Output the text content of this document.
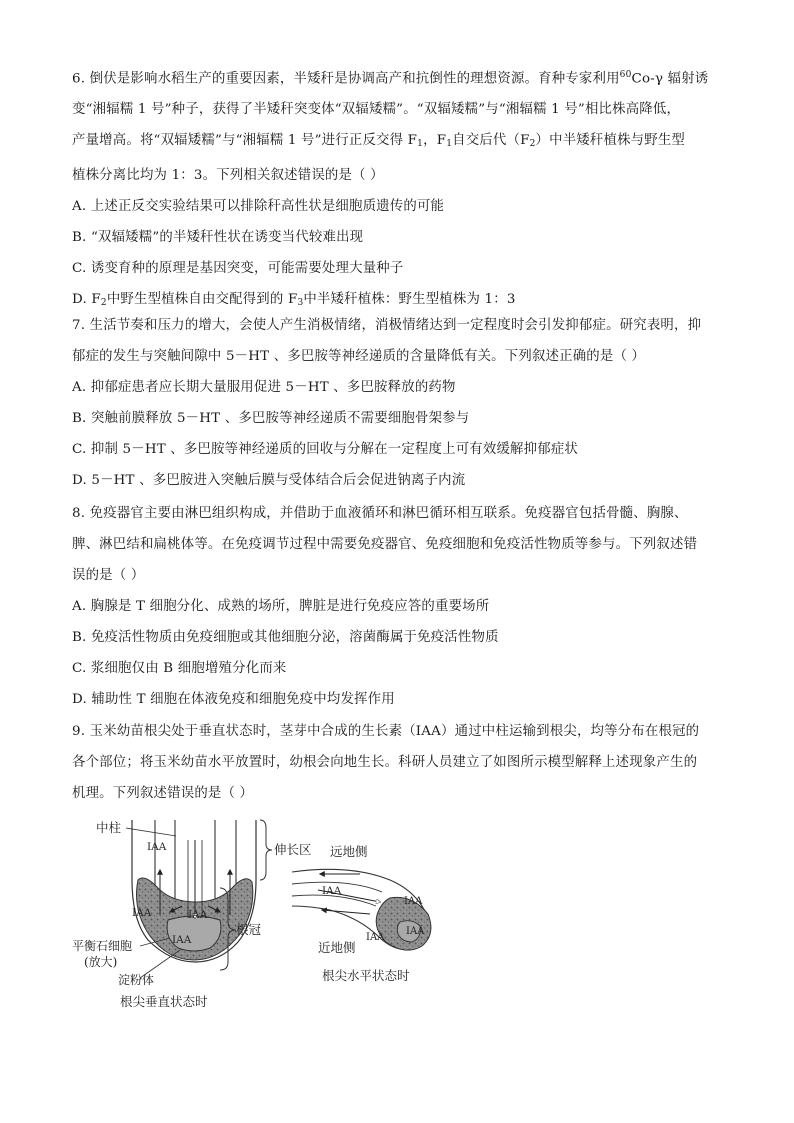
6. 倒伏是影响水稻生产的重要因素，半矮秆是协调高产和抗倒性的理想资源。育种专家利用$^{60}$Co-γ 辐射诱

变“湘辐糯 1 号”种子，获得了半矮秆突变体“双辐矮糯”。“双辐矮糯”与“湘辐糯 1 号”相比株高降低，

产量增高。将“双辐矮糯”与“湘辐糯 1 号”进行正反交得 $F_1$，$F_1$自交后代$(F_2)$中半矮秆植株与野生型

植株分离比均为 1：3。下列相关叙述错误的是（ ）

A. 上述正反交实验结果可以排除秆高性状是细胞质遗传的可能

B. “双辐矮糯”的半矮秆性状在诱变当代较难出现

C. 诱变育种的原理是基因突变，可能需要处理大量种子

D. $F_2$中野生型植株自由交配得到的 $F_3$中半矮秆植株：野生型植株为 1：3

7. 生活节奏和压力的增大，会使人产生消极情绪，消极情绪达到一定程度时会引发抑郁症。研究表明，抑

郁症的发生与突触间隙中 5－HT 、多巴胺等神经递质的含量降低有关。下列叙述正确的是（ ）

A. 抑郁症患者应长期大量服用促进 5－HT 、多巴胺释放的药物

B. 突触前膜释放 5－HT 、多巴胺等神经递质不需要细胞骨架参与

C. 抑制 5－HT 、多巴胺等神经递质的回收与分解在一定程度上可有效缓解抑郁症状

D. 5－HT 、多巴胺进入突触后膜与受体结合后会促进钠离子内流

8. 免疫器官主要由淋巴组织构成，并借助于血液循环和淋巴循环相互联系。免疫器官包括骨髓、胸腺、

脾、淋巴结和扁桃体等。在免疫调节过程中需要免疫器官、免疫细胞和免疫活性物质等参与。下列叙述错

误的是（ ）

A. 胸腺是 T 细胞分化、成熟的场所，脾脏是进行免疫应答的重要场所

B. 免疫活性物质由免疫细胞或其他细胞分泌，溶菌酶属于免疫活性物质

C. 浆细胞仅由 B 细胞增殖分化而来

D. 辅助性 T 细胞在体液免疫和细胞免疫中均发挥作用

9. 玉米幼苗根尖处于垂直状态时，茎芽中合成的生长素（IAA）通过中柱运输到根尖，均等分布在根冠的

各个部位；将玉米幼苗水平放置时，幼根会向地生长。科研人员建立了如图所示模型解释上述现象产生的

机理。下列叙述错误的是（ ）

中柱
IAA
IAA	IAA
IAA
伸长区
根冠
平衡石细胞
(放大)
淀粉体
根尖垂直状态时
远地侧
IAA
IAA
IAA
IAA
近地侧
根尖水平状态时
